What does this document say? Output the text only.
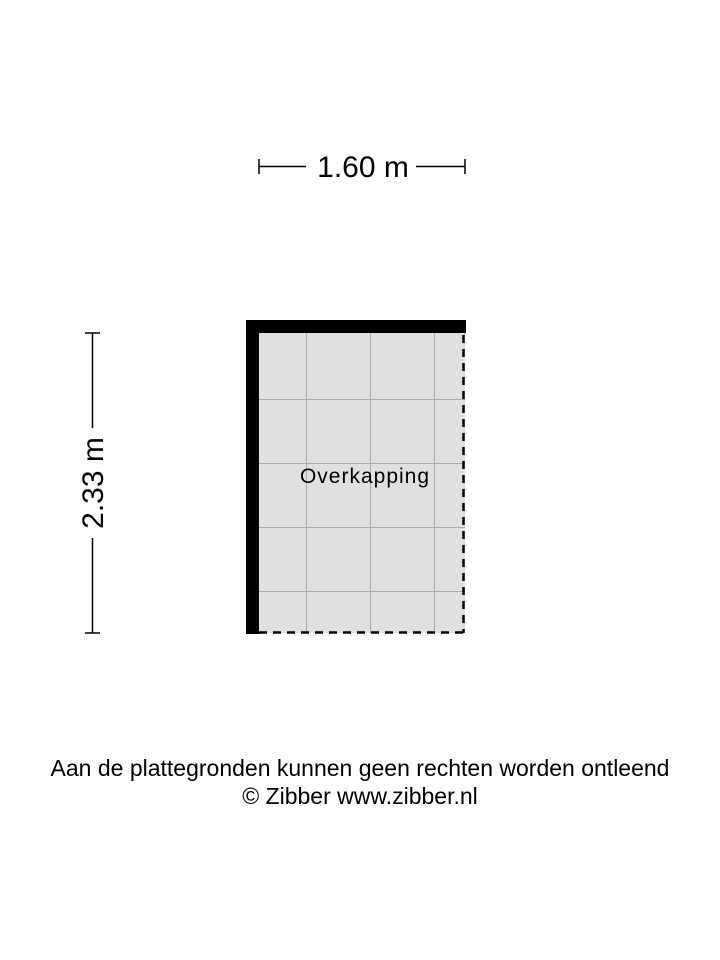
1.60 m
2.33 m	Overkapping
Aan de plattegronden kunnen geen rechten worden ontleend
© Zibber www.zibber.nl
